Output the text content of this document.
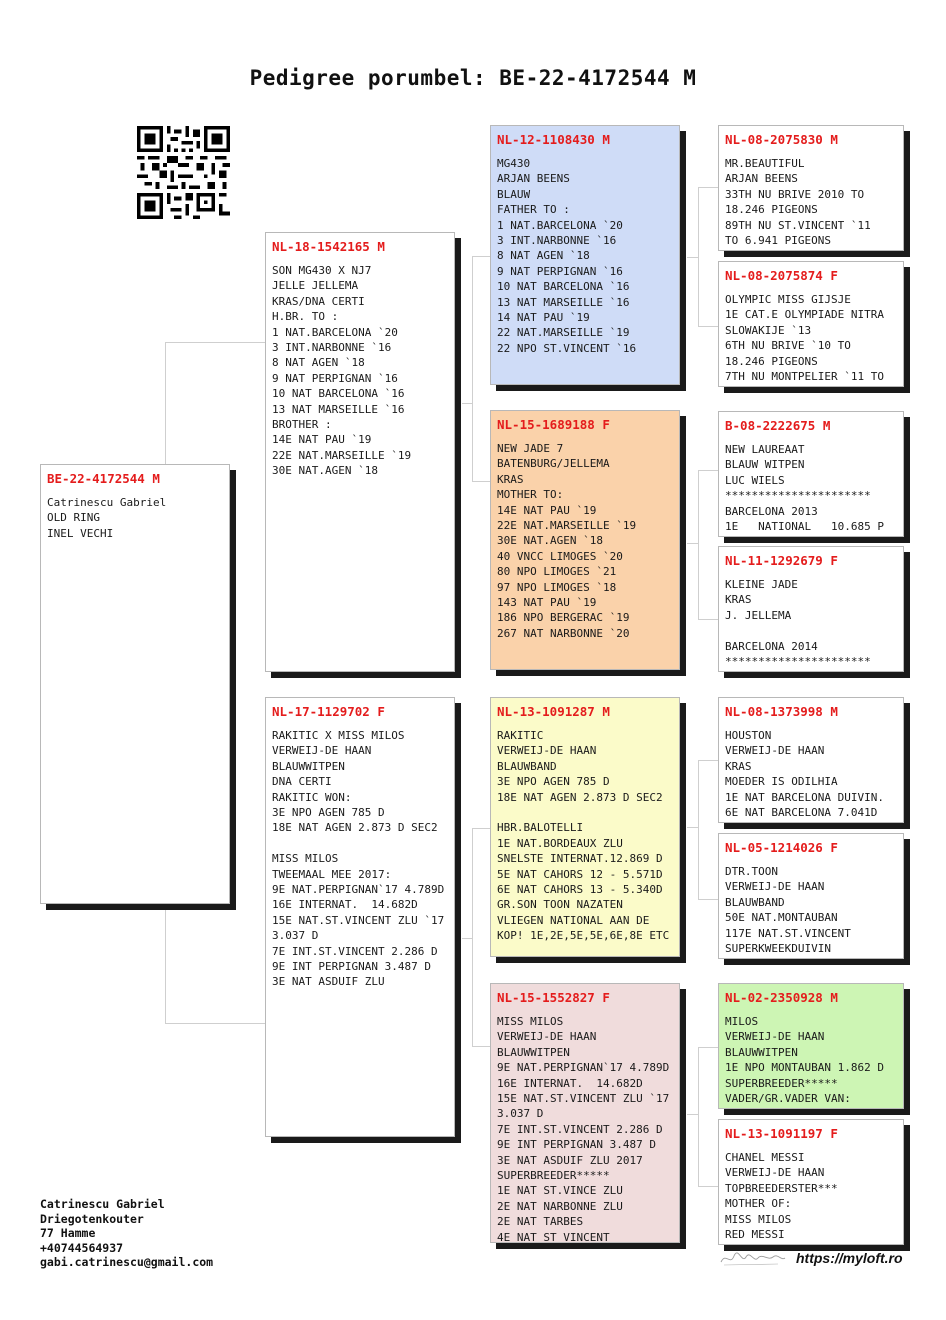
Pedigree porumbel: BE-22-4172544 M
BE-22-4172544 M
Catrinescu Gabriel
OLD RING
INEL VECHI
NL-18-1542165 M
SON MG430 X NJ7
JELLE JELLEMA
KRAS/DNA CERTI
H.BR. TO :
1 NAT.BARCELONA `20
3 INT.NARBONNE `16
8 NAT AGEN `18
9 NAT PERPIGNAN `16
10 NAT BARCELONA `16
13 NAT MARSEILLE `16
BROTHER :
14E NAT PAU `19
22E NAT.MARSEILLE `19
30E NAT.AGEN `18
NL-17-1129702 F
RAKITIC X MISS MILOS
VERWEIJ-DE HAAN
BLAUWWITPEN
DNA CERTI
RAKITIC WON:
3E NPO AGEN 785 D
18E NAT AGEN 2.873 D SEC2
MISS MILOS
TWEEMAAL MEE 2017:
9E NAT.PERPIGNAN`17 4.789D
16E INTERNAT.  14.682D
15E NAT.ST.VINCENT ZLU `17
3.037 D
7E INT.ST.VINCENT 2.286 D
9E INT PERPIGNAN 3.487 D
3E NAT ASDUIF ZLU
NL-12-1108430 M
MG430
ARJAN BEENS
BLAUW
FATHER TO :
1 NAT.BARCELONA `20
3 INT.NARBONNE `16
8 NAT AGEN `18
9 NAT PERPIGNAN `16
10 NAT BARCELONA `16
13 NAT MARSEILLE `16
14 NAT PAU `19
22 NAT.MARSEILLE `19
22 NPO ST.VINCENT `16
NL-15-1689188 F
NEW JADE 7
BATENBURG/JELLEMA
KRAS
MOTHER TO:
14E NAT PAU `19
22E NAT.MARSEILLE `19
30E NAT.AGEN `18
40 VNCC LIMOGES `20
80 NPO LIMOGES `21
97 NPO LIMOGES `18
143 NAT PAU `19
186 NPO BERGERAC `19
267 NAT NARBONNE `20
NL-13-1091287 M
RAKITIC
VERWEIJ-DE HAAN
BLAUWBAND
3E NPO AGEN 785 D
18E NAT AGEN 2.873 D SEC2
HBR.BALOTELLI
1E NAT.BORDEAUX ZLU
SNELSTE INTERNAT.12.869 D
5E NAT CAHORS 12 - 5.571D
6E NAT CAHORS 13 - 5.340D
GR.SON TOON NAZATEN
VLIEGEN NATIONAL AAN DE
KOP! 1E,2E,5E,5E,6E,8E ETC
NL-15-1552827 F
MISS MILOS
VERWEIJ-DE HAAN
BLAUWWITPEN
9E NAT.PERPIGNAN`17 4.789D
16E INTERNAT.  14.682D
15E NAT.ST.VINCENT ZLU `17
3.037 D
7E INT.ST.VINCENT 2.286 D
9E INT PERPIGNAN 3.487 D
3E NAT ASDUIF ZLU 2017
SUPERBREEDER*****
1E NAT ST.VINCE ZLU
2E NAT NARBONNE ZLU
2E NAT TARBES
4E NAT ST VINCENT
NL-08-2075830 M
MR.BEAUTIFUL
ARJAN BEENS
33TH NU BRIVE 2010 TO
18.246 PIGEONS
89TH NU ST.VINCENT `11
TO 6.941 PIGEONS
NL-08-2075874 F
OLYMPIC MISS GIJSJE
1E CAT.E OLYMPIADE NITRA
SLOWAKIJE `13
6TH NU BRIVE `10 TO
18.246 PIGEONS
7TH NU MONTPELIER `11 TO
B-08-2222675 M
NEW LAUREAAT
BLAUW WITPEN
LUC WIELS
**********************
BARCELONA 2013
1E   NATIONAL   10.685 P
NL-11-1292679 F
KLEINE JADE
KRAS
J. JELLEMA
BARCELONA 2014
**********************
NL-08-1373998 M
HOUSTON
VERWEIJ-DE HAAN
KRAS
MOEDER IS ODILHIA
1E NAT BARCELONA DUIVIN.
6E NAT BARCELONA 7.041D
NL-05-1214026 F
DTR.TOON
VERWEIJ-DE HAAN
BLAUWBAND
50E NAT.MONTAUBAN
117E NAT.ST.VINCENT
SUPERKWEEKDUIVIN
NL-02-2350928 M
MILOS
VERWEIJ-DE HAAN
BLAUWWITPEN
1E NPO MONTAUBAN 1.862 D
SUPERBREEDER*****
VADER/GR.VADER VAN:
NL-13-1091197 F
CHANEL MESSI
VERWEIJ-DE HAAN
TOPBREEDERSTER***
MOTHER OF:
MISS MILOS
RED MESSI
Catrinescu Gabriel
Driegotenkouter
77 Hamme
+40744564937
gabi.catrinescu@gmail.com	https://myloft.ro
